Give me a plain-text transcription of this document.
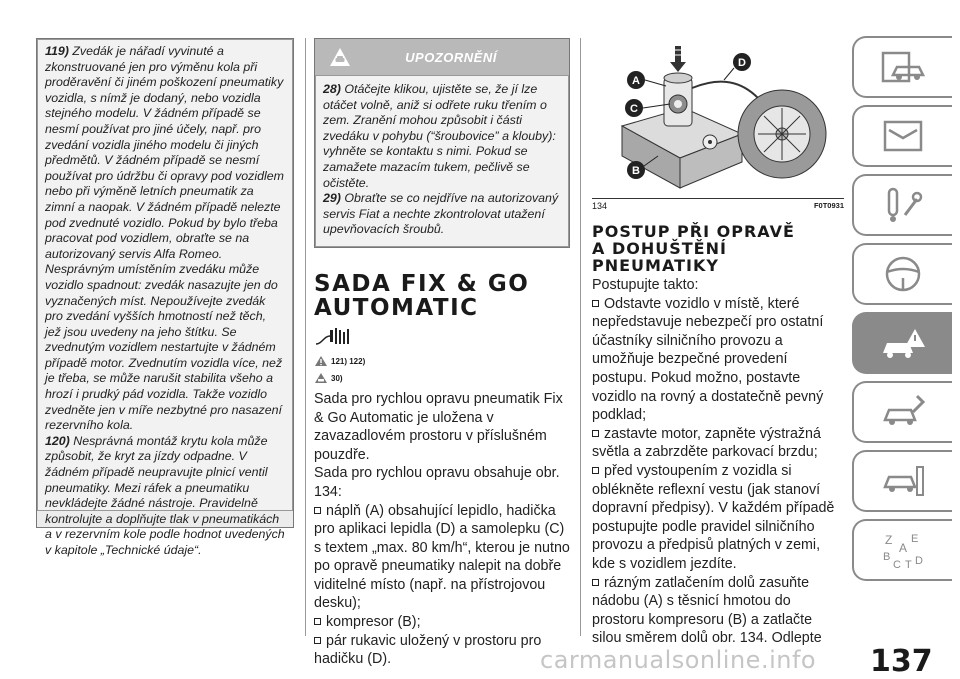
119) Zvedák je nářadí vyvinuté a zkonstruované jen pro výměnu kola při proděravění či jiném poškození pneumatiky vozidla, s nímž je dodaný, nebo vozidla stejného modelu. V žádném případě se nesmí používat pro jiné účely, např. pro zvedání vozidla jiného modelu či jiných předmětů. V žádném případě se nesmí používat pro údržbu či opravy pod vozidlem nebo při výměně letních pneumatik za zimní a naopak. V žádném případě nelezte pod zvednuté vozidlo. Pokud by bylo třeba pracovat pod vozidlem, obraťte se na autorizovaný servis Alfa Romeo. Nesprávným umístěním zvedáku může vozidlo spadnout: zvedák nasazujte jen do vyznačených míst. Nepoužívejte zvedák pro zvedání vyšších hmotností než těch, jež jsou uvedeny na jeho štítku. Se zvednutým vozidlem nestartujte v žádném případě motor. Zvednutím vozidla více, než je třeba, se může narušit stabilita všeho a hrozí i prudký pád vozidla. Takže vozidlo zvedněte jen v míře nezbytné pro nasazení rezervního kola.

120) Nesprávná montáž krytu kola může způsobit, že kryt za jízdy odpadne. V žádném případě neupravujte plnicí ventil pneumatiky. Mezi ráfek a pneumatiku nevkládejte žádné nástroje. Pravidelně kontrolujte a doplňujte tlak v pneumatikách a v rezervním kole podle hodnot uvedených v kapitole „Technické údaje“.

UPOZORNĚNÍ

28) Otáčejte klikou, ujistěte se, že jí lze otáčet volně, aniž si odřete ruku třením o zem. Zranění mohou způsobit i části zvedáku v pohybu (“šroubovice” a klouby): vyhněte se kontaktu s nimi. Pokud se zamažete mazacím tukem, pečlivě se očistěte.

29) Obraťte se co nejdříve na autorizovaný servis Fiat a nechte zkontrolovat utažení upevňovacích šroubů.

SADA FIX & GO
AUTOMATIC
121) 122)
30)

Sada pro rychlou opravu pneumatik Fix & Go Automatic je uložena v zavazadlovém prostoru v příslušném pouzdře.

Sada pro rychlou opravu obsahuje obr. 134:

náplň (A) obsahující lepidlo, hadička pro aplikaci lepidla (D) a samolepku (C) s textem „max. 80 km/h“, kterou je nutno po opravě pneumatiky nalepit na dobře viditelné místo (např. na přístrojovou desku);

kompresor (B);

pár rukavic uložený v prostoru pro hadičku (D).

A
B
C
D
134	F0T0931
POSTUP PŘI OPRAVĚ
A DOHUŠTĚNÍ
PNEUMATIKY

Postupujte takto:

Odstavte vozidlo v místě, které nepředstavuje nebezpečí pro ostatní účastníky silničního provozu a umožňuje bezpečné provedení postupu. Pokud možno, postavte vozidlo na rovný a dostatečně pevný podklad;

zastavte motor, zapněte výstražná světla a zabrzděte parkovací brzdu;

před vystoupením z vozidla si oblékněte reflexní vestu (jak stanoví dopravní předpisy). V každém případě postupujte podle pravidel silničního provozu a předpisů platných v zemi, kde s vozidlem jezdíte.

rázným zatlačením dolů zasuňte nádobu (A) s těsnicí hmotou do prostoru kompresoru (B) a zatlačte silou směrem dolů obr. 134. Odlepte

Z E
A
B
C D
T
carmanualsonline.info 137
